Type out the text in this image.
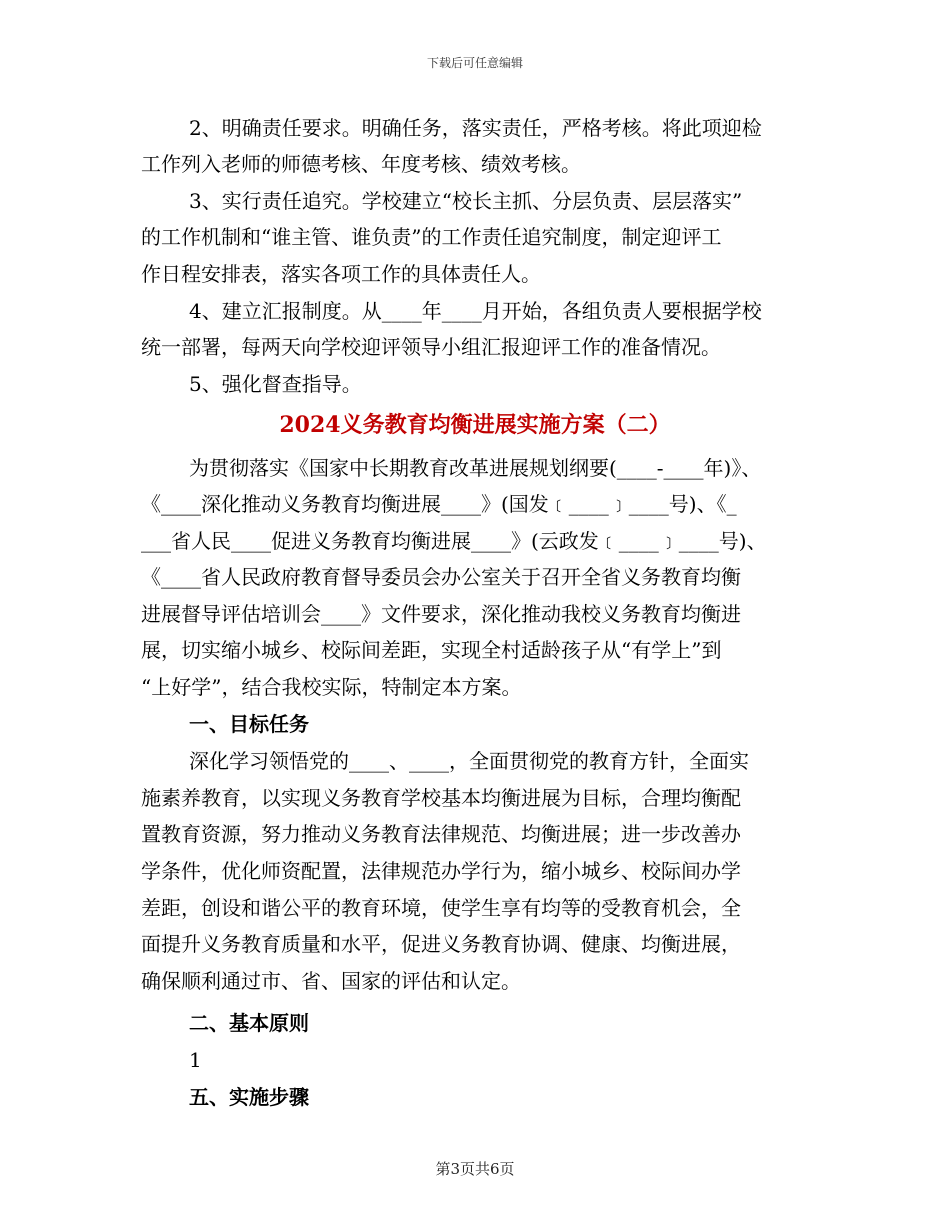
下载后可任意编辑
2、明确责任要求。明确任务，落实责任，严格考核。将此项迎检
工作列入老师的师德考核、年度考核、绩效考核。
3、实行责任追究。学校建立“校长主抓、分层负责、层层落实”
的工作机制和“谁主管、谁负责”的工作责任追究制度，制定迎评工
作日程安排表，落实各项工作的具体责任人。
4、建立汇报制度。从____年____月开始，各组负责人要根据学校
统一部署，每两天向学校迎评领导小组汇报迎评工作的准备情况。
5、强化督查指导。
2024义务教育均衡进展实施方案（二）
为贯彻落实《国家中长期教育改革进展规划纲要(____-____年)》、
《____深化推动义务教育均衡进展____》(国发﹝____﹞____号)、《_
___省人民____促进义务教育均衡进展____》(云政发﹝____﹞____号)、
《____省人民政府教育督导委员会办公室关于召开全省义务教育均衡
进展督导评估培训会____》文件要求，深化推动我校义务教育均衡进
展，切实缩小城乡、校际间差距，实现全村适龄孩子从“有学上”到
“上好学”，结合我校实际，特制定本方案。
一、目标任务
深化学习领悟党的____、____，全面贯彻党的教育方针，全面实
施素养教育，以实现义务教育学校基本均衡进展为目标，合理均衡配
置教育资源，努力推动义务教育法律规范、均衡进展；进一步改善办
学条件，优化师资配置，法律规范办学行为，缩小城乡、校际间办学
差距，创设和谐公平的教育环境，使学生享有均等的受教育机会，全
面提升义务教育质量和水平，促进义务教育协调、健康、均衡进展，
确保顺利通过市、省、国家的评估和认定。
二、基本原则
1
五、实施步骤
第3页共6页
